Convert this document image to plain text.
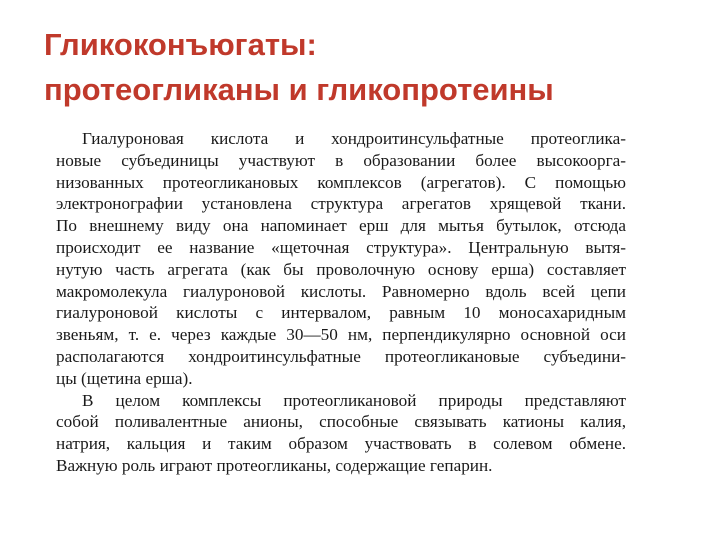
Гликоконъюгаты:
протеогликаны и гликопротеины
Гиалуроновая кислота и хондроитинсульфатные протеоглика-
новые субъединицы участвуют в образовании более высокоорга-
низованных протеогликановых комплексов (агрегатов). С помощью
электронографии установлена структура агрегатов хрящевой ткани.
По внешнему виду она напоминает ерш для мытья бутылок, отсюда
происходит ее название «щеточная структура». Центральную вытя-
нутую часть агрегата (как бы проволочную основу ерша) составляет
макромолекула гиалуроновой кислоты. Равномерно вдоль всей цепи
гиалуроновой кислоты с интервалом, равным 10 моносахаридным
звеньям, т. е. через каждые 30—50 нм, перпендикулярно основной оси
располагаются хондроитинсульфатные протеогликановые субъедини-
цы (щетина ерша).
В целом комплексы протеогликановой природы представляют
собой поливалентные анионы, способные связывать катионы калия,
натрия, кальция и таким образом участвовать в солевом обмене.
Важную роль играют протеогликаны, содержащие гепарин.
